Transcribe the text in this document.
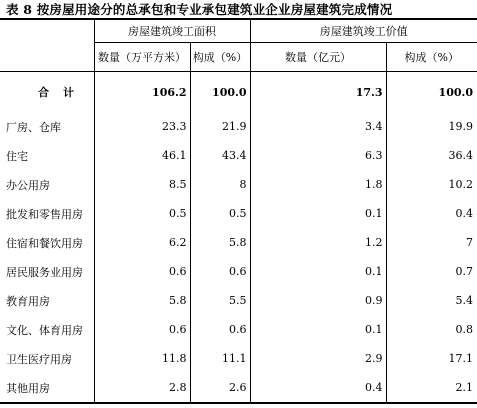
表 8 按房屋用途分的总承包和专业承包建筑业企业房屋建筑完成情况
	房屋建筑竣工面积		房屋建筑竣工价值	
	数量（万平方米）	构成（%）	数量（亿元）	构成（%）
合计	106.2	100.0	17.3	100.0
厂房、仓库	23.3	21.9	3.4	19.9
住宅	46.1	43.4	6.3	36.4
办公用房	8.5	8	1.8	10.2
批发和零售用房	0.5	0.5	0.1	0.4
住宿和餐饮用房	6.2	5.8	1.2	7
居民服务业用房	0.6	0.6	0.1	0.7
教育用房	5.8	5.5	0.9	5.4
文化、体育用房	0.6	0.6	0.1	0.8
卫生医疗用房	11.8	11.1	2.9	17.1
其他用房	2.8	2.6	0.4	2.1
